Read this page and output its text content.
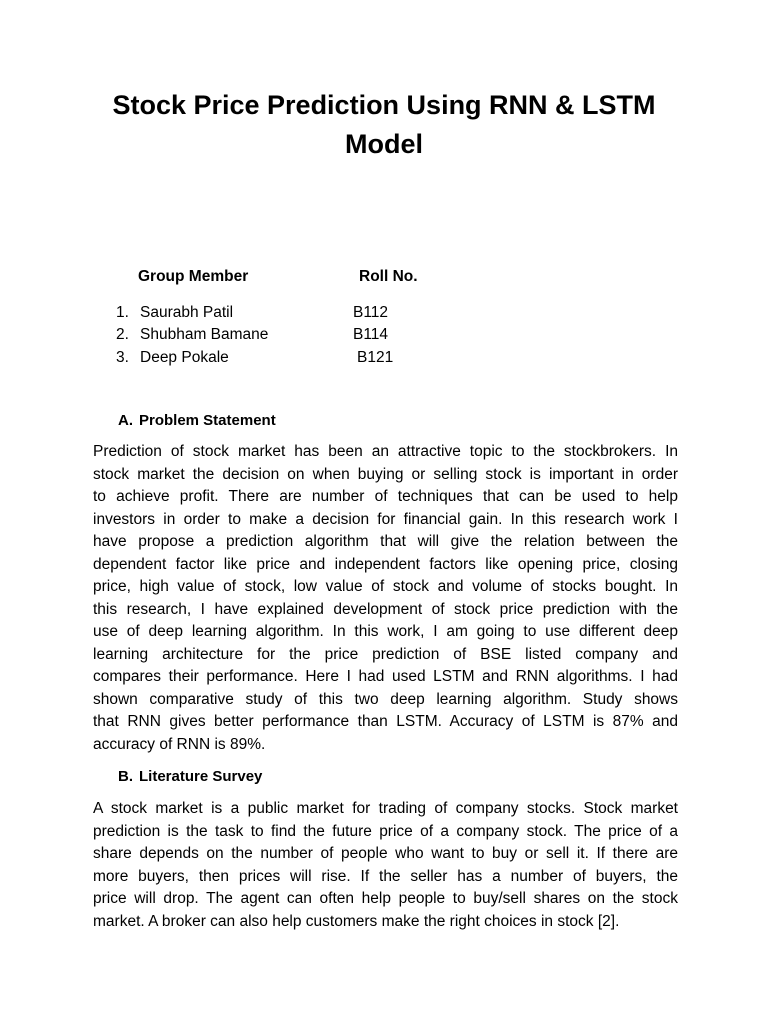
Stock Price Prediction Using RNN & LSTM
Model
Group Member	Roll No.
1. Saurabh Patil	B112
2. Shubham Bamane	B114
3. Deep Pokale	B121
A. Problem Statement
Prediction of stock market has been an attractive topic to the stockbrokers. In
stock market the decision on when buying or selling stock is important in order
to achieve profit. There are number of techniques that can be used to help
investors in order to make a decision for financial gain. In this research work I
have propose a prediction algorithm that will give the relation between the
dependent factor like price and independent factors like opening price, closing
price, high value of stock, low value of stock and volume of stocks bought. In
this research, I have explained development of stock price prediction with the
use of deep learning algorithm. In this work, I am going to use different deep
learning architecture for the price prediction of BSE listed company and
compares their performance. Here I had used LSTM and RNN algorithms. I had
shown comparative study of this two deep learning algorithm. Study shows
that RNN gives better performance than LSTM. Accuracy of LSTM is 87% and
accuracy of RNN is 89%.
B. Literature Survey
A stock market is a public market for trading of company stocks. Stock market
prediction is the task to find the future price of a company stock. The price of a
share depends on the number of people who want to buy or sell it. If there are
more buyers, then prices will rise. If the seller has a number of buyers, the
price will drop. The agent can often help people to buy/sell shares on the stock
market. A broker can also help customers make the right choices in stock [2].
